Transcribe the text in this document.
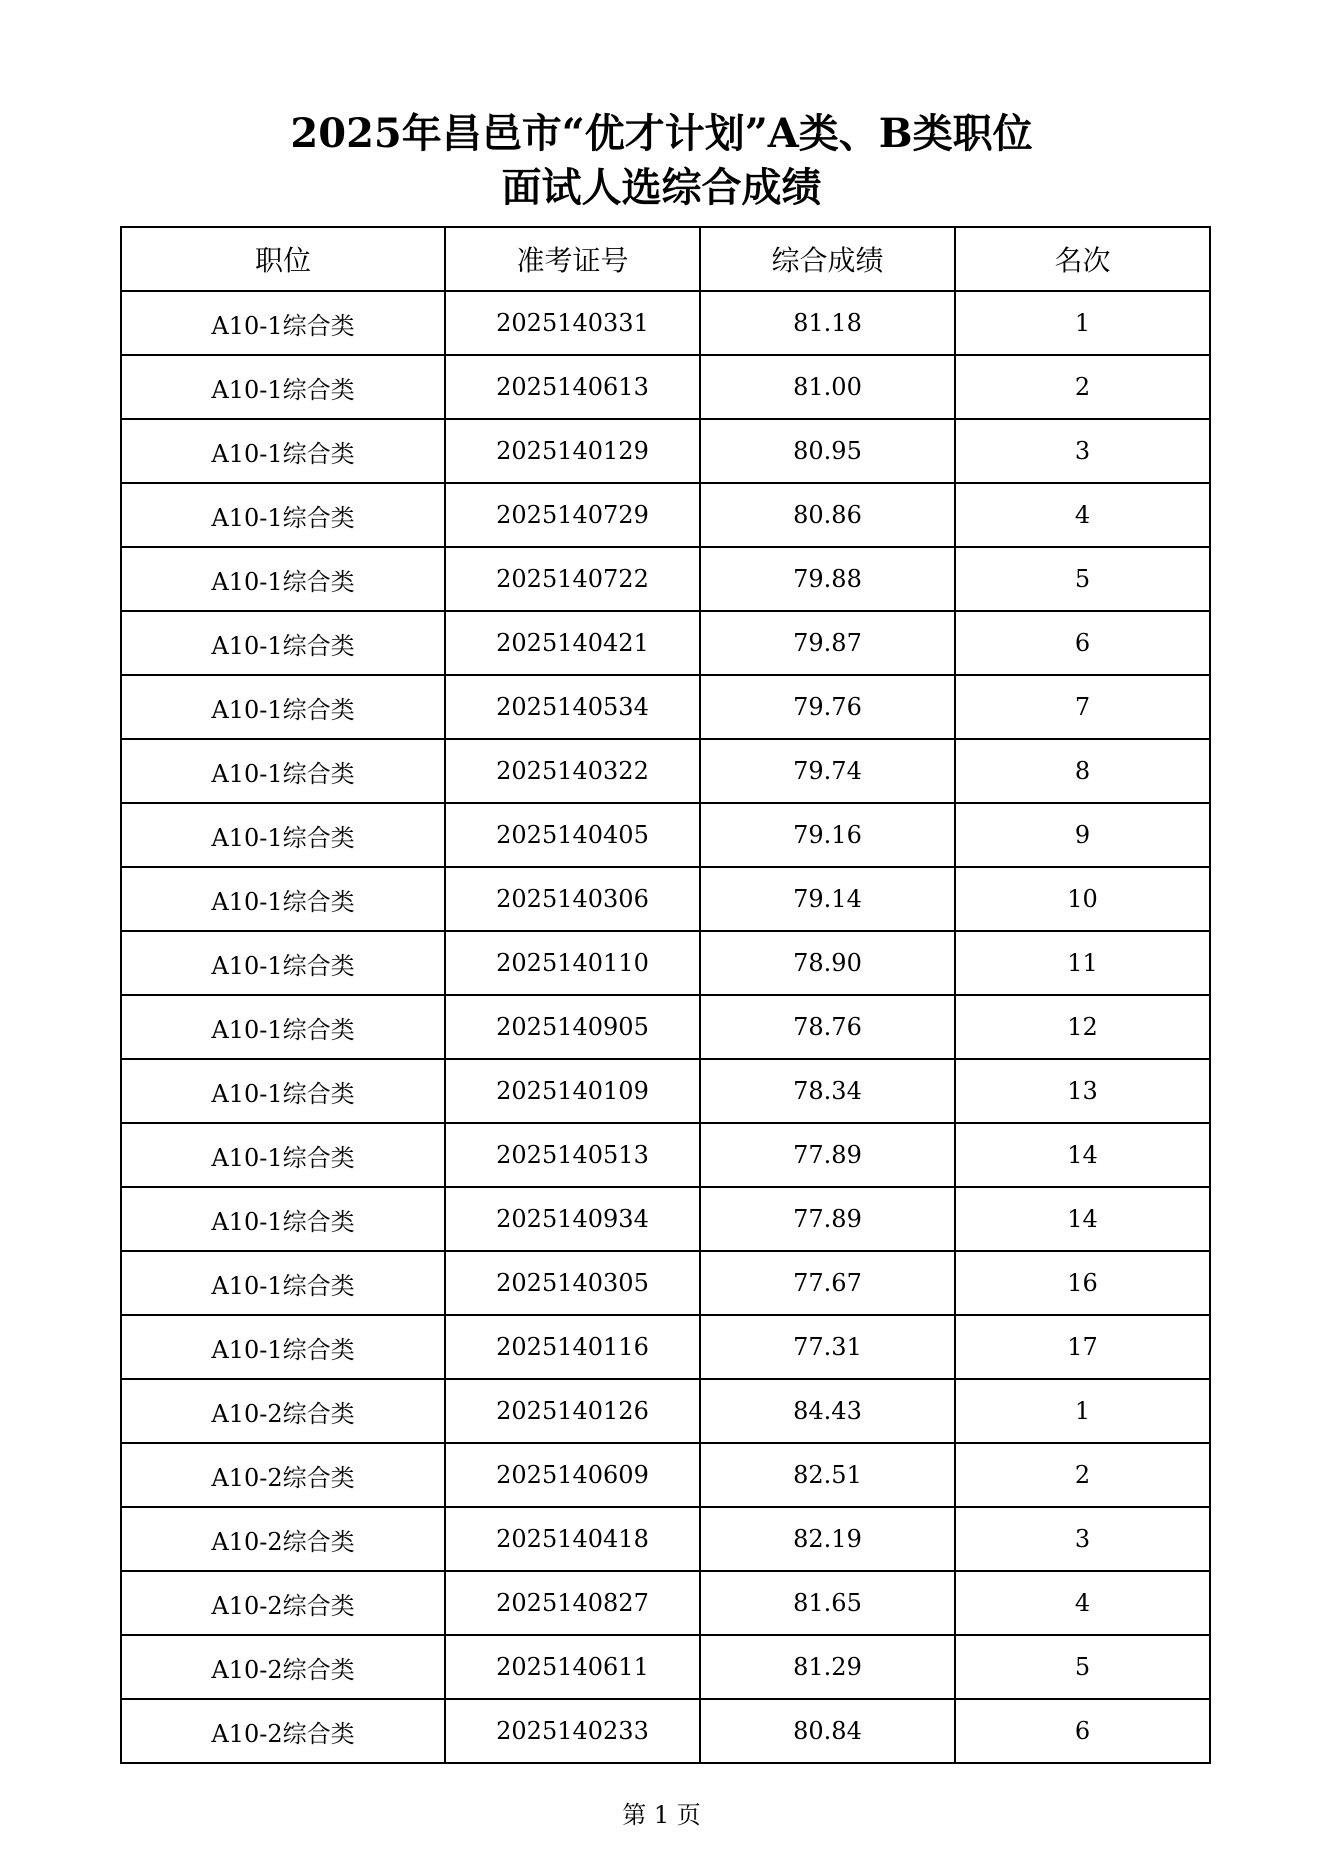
2025年昌邑市“优才计划”A类、B类职位
面试人选综合成绩
职位	准考证号	综合成绩	名次
A10-1综合类	2025140331	81.18	1
A10-1综合类	2025140613	81.00	2
A10-1综合类	2025140129	80.95	3
A10-1综合类	2025140729	80.86	4
A10-1综合类	2025140722	79.88	5
A10-1综合类	2025140421	79.87	6
A10-1综合类	2025140534	79.76	7
A10-1综合类	2025140322	79.74	8
A10-1综合类	2025140405	79.16	9
A10-1综合类	2025140306	79.14	10
A10-1综合类	2025140110	78.90	11
A10-1综合类	2025140905	78.76	12
A10-1综合类	2025140109	78.34	13
A10-1综合类	2025140513	77.89	14
A10-1综合类	2025140934	77.89	14
A10-1综合类	2025140305	77.67	16
A10-1综合类	2025140116	77.31	17
A10-2综合类	2025140126	84.43	1
A10-2综合类	2025140609	82.51	2
A10-2综合类	2025140418	82.19	3
A10-2综合类	2025140827	81.65	4
A10-2综合类	2025140611	81.29	5
A10-2综合类	2025140233	80.84	6
第 1 页
